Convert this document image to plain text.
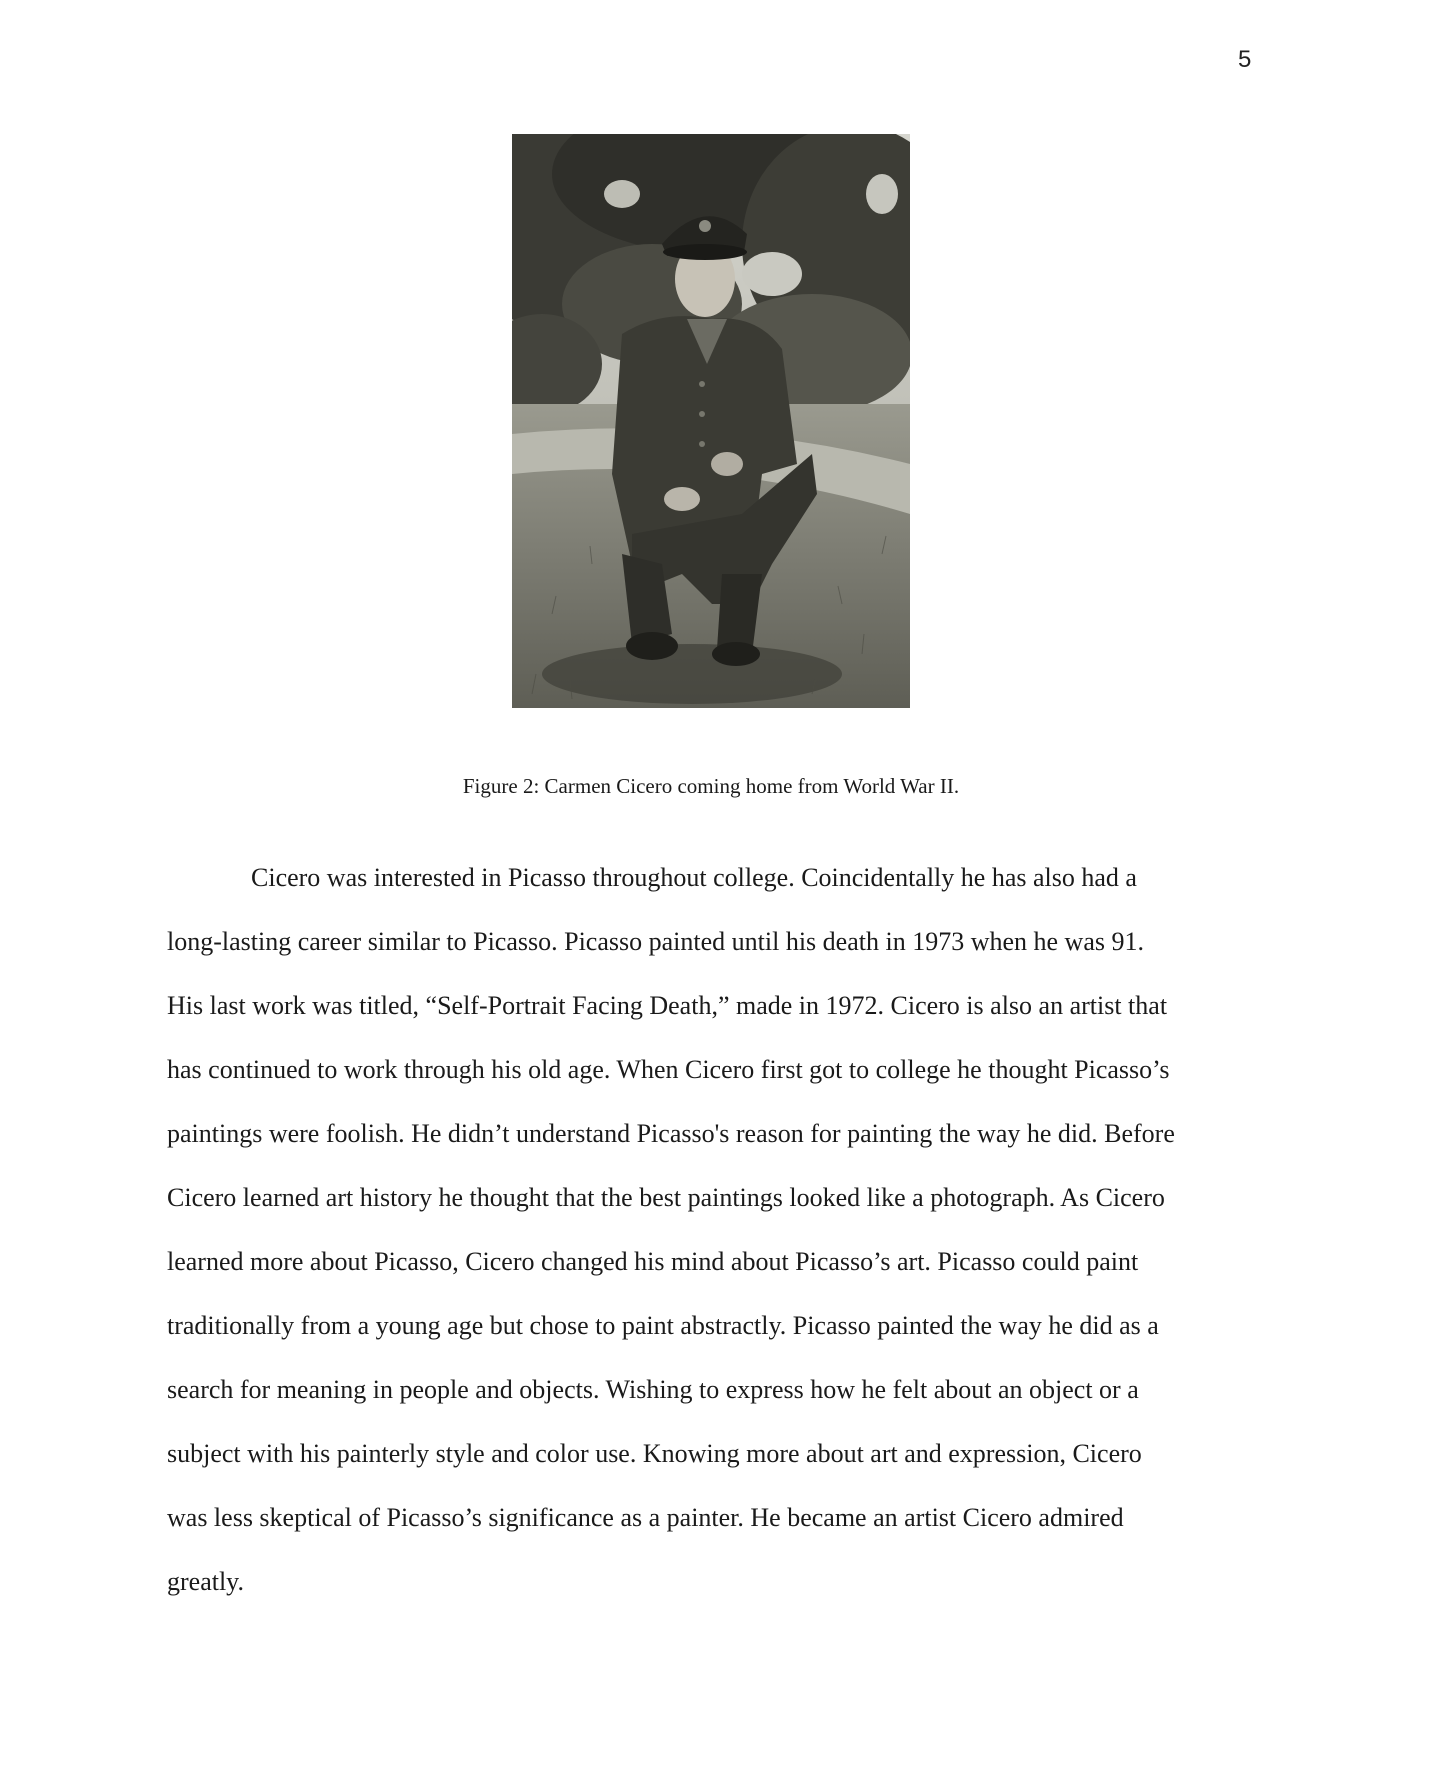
5
Figure 2: Carmen Cicero coming home from World War II.
Cicero was interested in Picasso throughout college. Coincidentally he has also had a
long-lasting career similar to Picasso. Picasso painted until his death in 1973 when he was 91.
His last work was titled, “Self-Portrait Facing Death,” made in 1972. Cicero is also an artist that
has continued to work through his old age. When Cicero first got to college he thought Picasso’s
paintings were foolish. He didn’t understand Picasso's reason for painting the way he did. Before
Cicero learned art history he thought that the best paintings looked like a photograph. As Cicero
learned more about Picasso, Cicero changed his mind about Picasso’s art. Picasso could paint
traditionally from a young age but chose to paint abstractly. Picasso painted the way he did as a
search for meaning in people and objects. Wishing to express how he felt about an object or a
subject with his painterly style and color use. Knowing more about art and expression, Cicero
was less skeptical of Picasso’s significance as a painter. He became an artist Cicero admired
greatly.
